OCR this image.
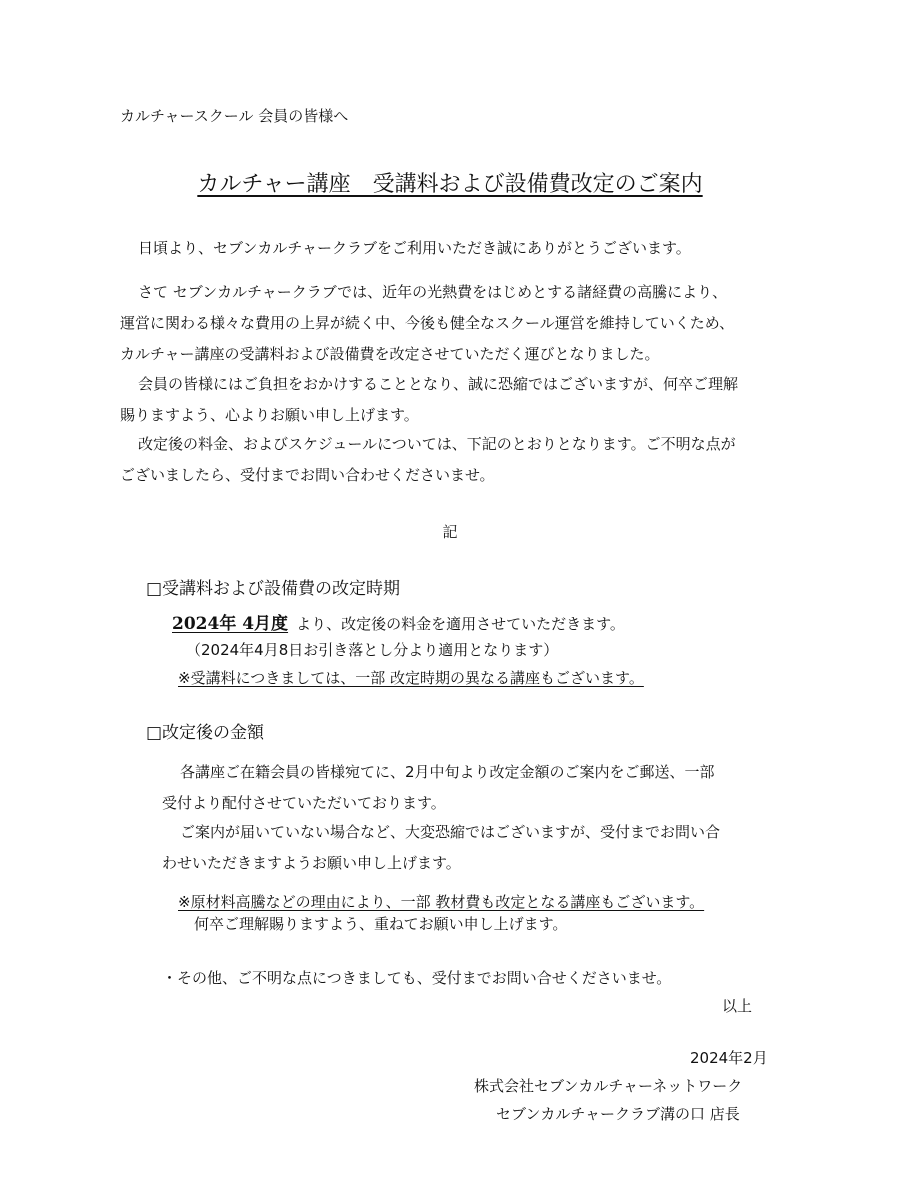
カルチャースクール 会員の皆様へ
カルチャー講座　受講料および設備費改定のご案内
日頃より、セブンカルチャークラブをご利用いただき誠にありがとうございます。
さて セブンカルチャークラブでは、近年の光熱費をはじめとする諸経費の高騰により、
運営に関わる様々な費用の上昇が続く中、今後も健全なスクール運営を維持していくため、
カルチャー講座の受講料および設備費を改定させていただく運びとなりました。
会員の皆様にはご負担をおかけすることとなり、誠に恐縮ではございますが、何卒ご理解
賜りますよう、心よりお願い申し上げます。
改定後の料金、およびスケジュールについては、下記のとおりとなります。ご不明な点が
ございましたら、受付までお問い合わせくださいませ。
記
□受講料および設備費の改定時期
2024年 4月度 より、改定後の料金を適用させていただきます。
（2024年4月8日お引き落とし分より適用となります）
※受講料につきましては、一部 改定時期の異なる講座もございます。
□改定後の金額
各講座ご在籍会員の皆様宛てに、2月中旬より改定金額のご案内をご郵送、一部
受付より配付させていただいております。
ご案内が届いていない場合など、大変恐縮ではございますが、受付までお問い合
わせいただきますようお願い申し上げます。
※原材料高騰などの理由により、一部 教材費も改定となる講座もございます。
何卒ご理解賜りますよう、重ねてお願い申し上げます。
・その他、ご不明な点につきましても、受付までお問い合せくださいませ。
以上
2024年2月
株式会社セブンカルチャーネットワーク
セブンカルチャークラブ溝の口 店長
